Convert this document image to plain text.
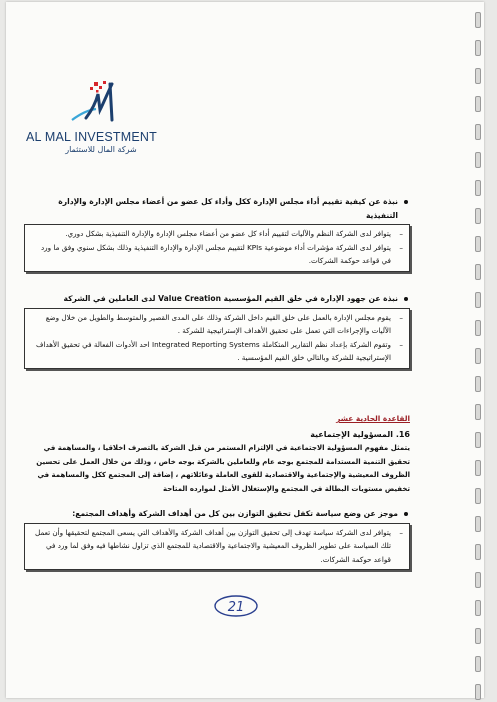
AL MAL INVESTMENT
شركة المال للاستثمار
نبذة عن كيفية تقييم أداء مجلس الإدارة ككل وأداء كل عضو من أعضاء مجلس الإدارة والإدارة التنفيذية

– يتوافر لدى الشركة النظم والآليات لتقييم أداء كل عضو من أعضاء مجلس الإدارة والإدارة التنفيذية بشكل دوري.

– يتوافر لدى الشركة مؤشرات أداء موضوعية KPIs لتقييم مجلس الإدارة والإدارة التنفيذية وذلك بشكل سنوي وفق ما ورد في قواعد حوكمة الشركات.

نبذة عن جهود الإدارة في خلق القيم المؤسسية Value Creation لدى العاملين في الشركة

– يقوم مجلس الإدارة بالعمل على خلق القيم داخل الشركة وذلك على المدى القصير والمتوسط والطويل من خلال وضع الآليات والإجراءات التي تعمل على تحقيق الأهداف الإستراتيجية للشركة .

– وتقوم الشركة بإعداد نظم التقارير المتكاملة Integrated Reporting Systems احد الأدوات الفعالة في تحقيق الأهداف الإستراتيجية للشركة وبالتالي خلق القيم المؤسسية .

القاعدة الحادية عشر
16. المسؤولية الإجتماعية

يتمثل مفهوم المسؤولية الاجتماعية في الإلتزام المستمر من قبل الشركة بالتصرف اخلاقيا ، والمساهمة في تحقيق التنمية المستدامة للمجتمع بوجه عام وللعاملين بالشركة بوجه خاص ، وذلك من خلال العمل على تحسين الظروف المعيشية والإجتماعية والاقتصادية للقوى العاملة وعائلاتهم ، إضافة إلى المجتمع ككل والمساهمة في تخفيض مستويات البطالة في المجتمع والإستغلال الأمثل لموارده المتاحة

موجز عن وضع سياسة تكفل تحقيق التوازن بين كل من أهداف الشركة وأهداف المجتمع:

– يتوافر لدى الشركة سياسة تهدف إلى تحقيق التوازن بين أهداف الشركة والأهداف التي يسعى المجتمع لتحقيقها وأن تعمل تلك السياسة على تطوير الظروف المعيشية والاجتماعية والاقتصادية للمجتمع الذي تزاول نشاطها فيه وفق لما ورد في قواعد حوكمة الشركات.

21
